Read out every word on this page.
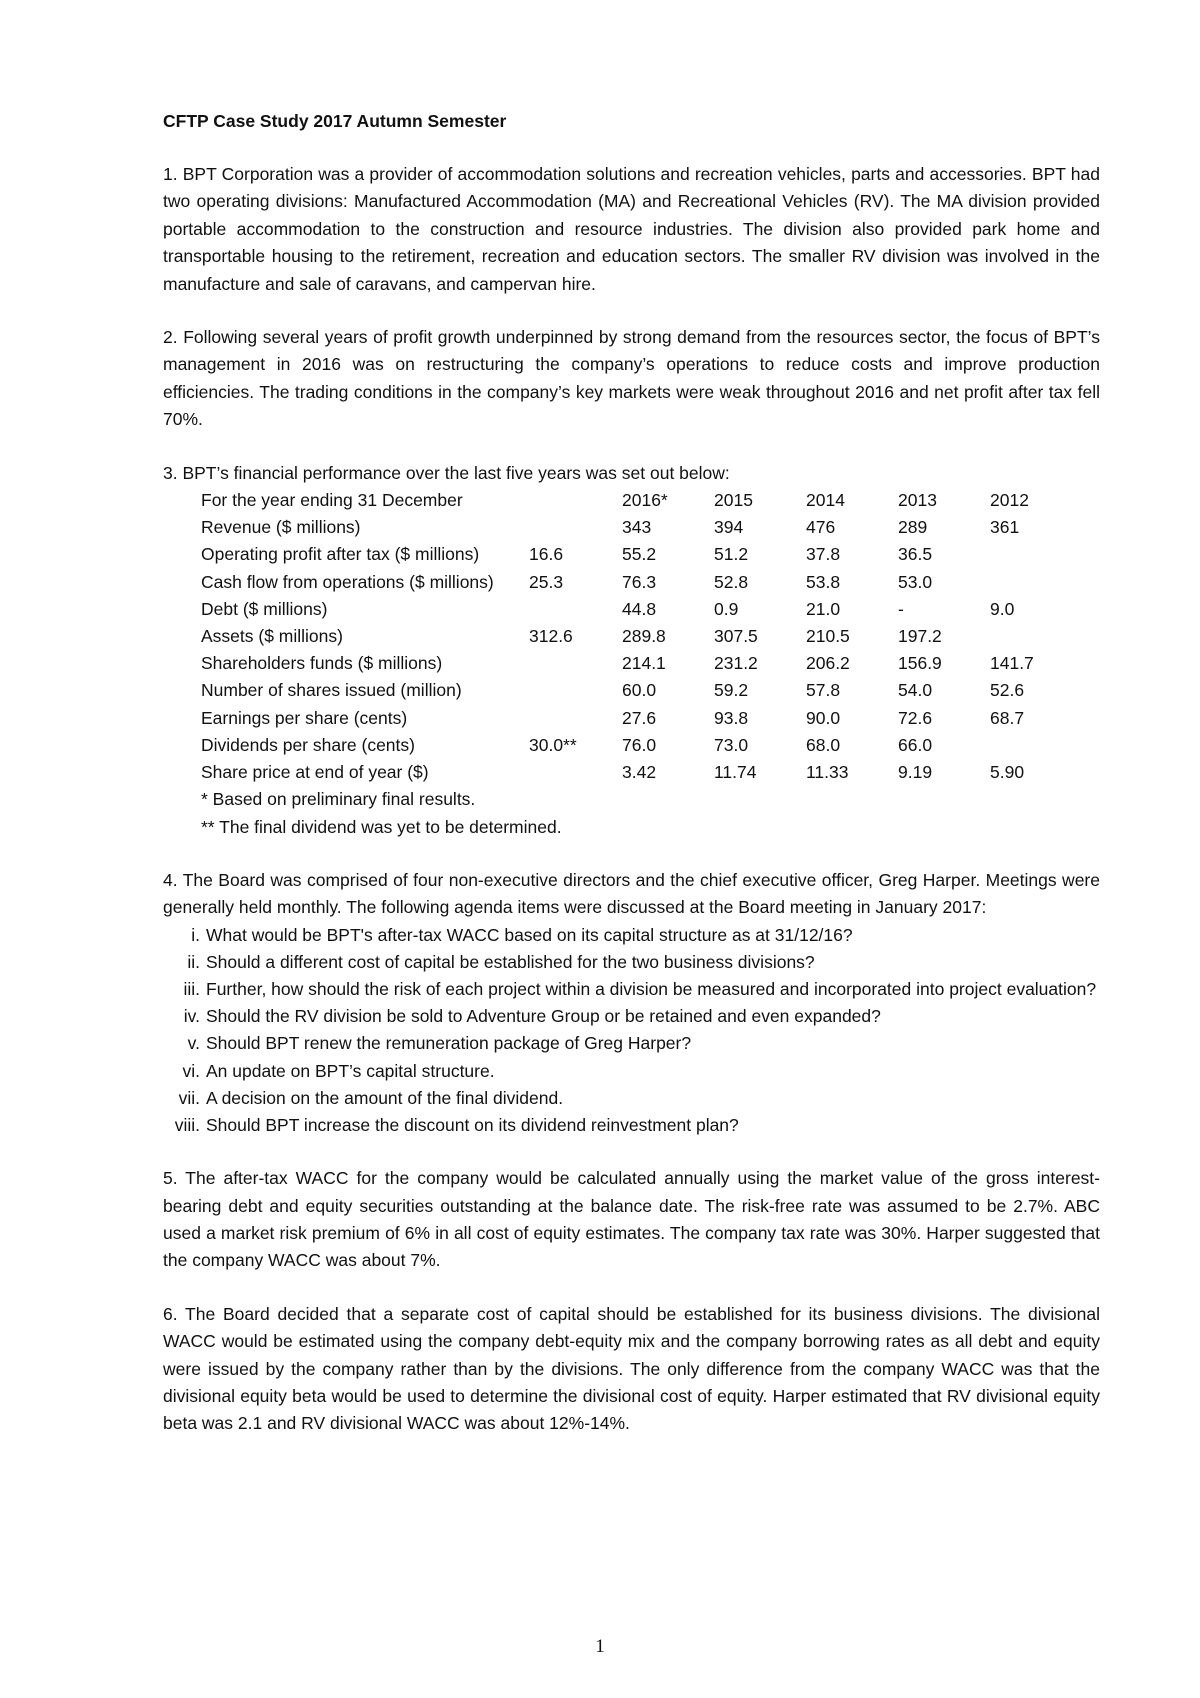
CFTP Case Study 2017 Autumn Semester

1. BPT Corporation was a provider of accommodation solutions and recreation vehicles, parts and accessories. BPT had two operating divisions: Manufactured Accommodation (MA) and Recreational Vehicles (RV). The MA division provided portable accommodation to the construction and resource industries. The division also provided park home and transportable housing to the retirement, recreation and education sectors. The smaller RV division was involved in the manufacture and sale of caravans, and campervan hire.

2. Following several years of profit growth underpinned by strong demand from the resources sector, the focus of BPT’s management in 2016 was on restructuring the company’s operations to reduce costs and improve production efficiencies. The trading conditions in the company’s key markets were weak throughout 2016 and net profit after tax fell 70%.

3. BPT’s financial performance over the last five years was set out below:
For the year ending 31 December		2016*	2015	2014	2013	2012
Revenue ($ millions)		343	394	476	289	361
Operating profit after tax ($ millions)	16.6	55.2	51.2	37.8	36.5	
Cash flow from operations ($ millions)	25.3	76.3	52.8	53.8	53.0	
Debt ($ millions)		44.8	0.9	21.0	-	9.0
Assets ($ millions)	312.6	289.8	307.5	210.5	197.2	
Shareholders funds ($ millions)		214.1	231.2	206.2	156.9	141.7
Number of shares issued (million)		60.0	59.2	57.8	54.0	52.6
Earnings per share (cents)		27.6	93.8	90.0	72.6	68.7
Dividends per share (cents)	30.0**	76.0	73.0	68.0	66.0	
Share price at end of year ($)		3.42	11.74	11.33	9.19	5.90
* Based on preliminary final results.
** The final dividend was yet to be determined.

4. The Board was comprised of four non-executive directors and the chief executive officer, Greg Harper. Meetings were generally held monthly. The following agenda items were discussed at the Board meeting in January 2017:

i. What would be BPT's after-tax WACC based on its capital structure as at 31/12/16?
ii. Should a different cost of capital be established for the two business divisions?
iii. Further, how should the risk of each project within a division be measured and incorporated into project evaluation?
iv. Should the RV division be sold to Adventure Group or be retained and even expanded?
v. Should BPT renew the remuneration package of Greg Harper?
vi. An update on BPT’s capital structure.
vii. A decision on the amount of the final dividend.
viii. Should BPT increase the discount on its dividend reinvestment plan?

5. The after-tax WACC for the company would be calculated annually using the market value of the gross interest-bearing debt and equity securities outstanding at the balance date. The risk-free rate was assumed to be 2.7%. ABC used a market risk premium of 6% in all cost of equity estimates. The company tax rate was 30%. Harper suggested that the company WACC was about 7%.

6. The Board decided that a separate cost of capital should be established for its business divisions. The divisional WACC would be estimated using the company debt-equity mix and the company borrowing rates as all debt and equity were issued by the company rather than by the divisions. The only difference from the company WACC was that the divisional equity beta would be used to determine the divisional cost of equity. Harper estimated that RV divisional equity beta was 2.1 and RV divisional WACC was about 12%-14%.

1
